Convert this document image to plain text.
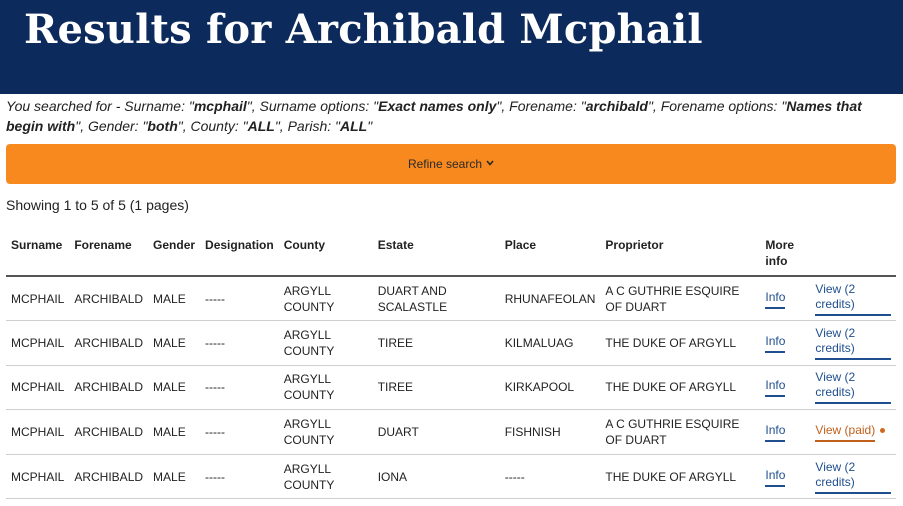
Results for Archibald Mcphail
You searched for - Surname: "mcphail", Surname options: "Exact names only", Forename: "archibald", Forename options: "Names that begin with", Gender: "both", County: "ALL", Parish: "ALL"
Refine search
Showing 1 to 5 of 5 (1 pages)
Surname	Forename	Gender	Designation	County	Estate	Place	Proprietor	More info	
MCPHAIL	ARCHIBALD	MALE	-----	ARGYLL COUNTY	DUART AND SCALASTLE	RHUNAFEOLAN	A C GUTHRIE ESQUIRE OF DUART	Info	View (2 credits)
MCPHAIL	ARCHIBALD	MALE	-----	ARGYLL COUNTY	TIREE	KILMALUAG	THE DUKE OF ARGYLL	Info	View (2 credits)
MCPHAIL	ARCHIBALD	MALE	-----	ARGYLL COUNTY	TIREE	KIRKAPOOL	THE DUKE OF ARGYLL	Info	View (2 credits)
MCPHAIL	ARCHIBALD	MALE	-----	ARGYLL COUNTY	DUART	FISHNISH	A C GUTHRIE ESQUIRE OF DUART	Info	View (paid)
MCPHAIL	ARCHIBALD	MALE	-----	ARGYLL COUNTY	IONA	-----	THE DUKE OF ARGYLL	Info	View (2 credits)
